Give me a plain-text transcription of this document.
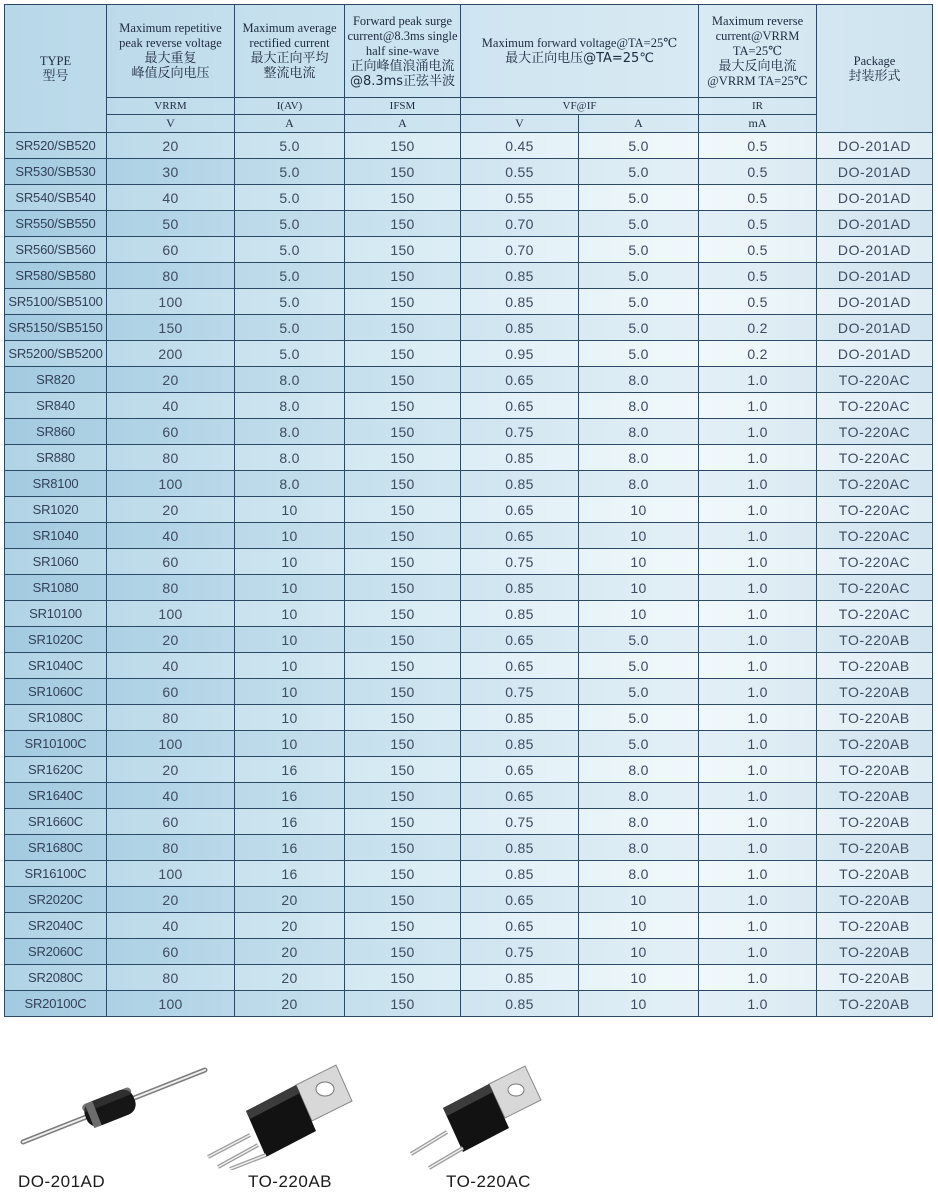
TYPE
型号	Maximum repetitive
peak reverse voltage
最大重复
峰值反向电压	Maximum average
rectified current
最大正向平均
整流电流	Forward peak surge
current@8.3ms single
half sine-wave
正向峰值浪涌电流
@8.3ms正弦半波	Maximum forward voltage@TA=25℃
最大正向电压@TA=25℃		Maximum reverse
current@VRRM
TA=25℃
最大反向电流
@VRRM TA=25℃	Package
封装形式

	VRRM	I(AV)	IFSM	VF@IF		IR	
	V	A	A	V	A	mA	
SR520/SB520	20	5.0	150	0.45	5.0	0.5	DO-201AD
SR530/SB530	30	5.0	150	0.55	5.0	0.5	DO-201AD
SR540/SB540	40	5.0	150	0.55	5.0	0.5	DO-201AD
SR550/SB550	50	5.0	150	0.70	5.0	0.5	DO-201AD
SR560/SB560	60	5.0	150	0.70	5.0	0.5	DO-201AD
SR580/SB580	80	5.0	150	0.85	5.0	0.5	DO-201AD
SR5100/SB5100	100	5.0	150	0.85	5.0	0.5	DO-201AD
SR5150/SB5150	150	5.0	150	0.85	5.0	0.2	DO-201AD
SR5200/SB5200	200	5.0	150	0.95	5.0	0.2	DO-201AD
SR820	20	8.0	150	0.65	8.0	1.0	TO-220AC
SR840	40	8.0	150	0.65	8.0	1.0	TO-220AC
SR860	60	8.0	150	0.75	8.0	1.0	TO-220AC
SR880	80	8.0	150	0.85	8.0	1.0	TO-220AC
SR8100	100	8.0	150	0.85	8.0	1.0	TO-220AC
SR1020	20	10	150	0.65	10	1.0	TO-220AC
SR1040	40	10	150	0.65	10	1.0	TO-220AC
SR1060	60	10	150	0.75	10	1.0	TO-220AC
SR1080	80	10	150	0.85	10	1.0	TO-220AC
SR10100	100	10	150	0.85	10	1.0	TO-220AC
SR1020C	20	10	150	0.65	5.0	1.0	TO-220AB
SR1040C	40	10	150	0.65	5.0	1.0	TO-220AB
SR1060C	60	10	150	0.75	5.0	1.0	TO-220AB
SR1080C	80	10	150	0.85	5.0	1.0	TO-220AB
SR10100C	100	10	150	0.85	5.0	1.0	TO-220AB
SR1620C	20	16	150	0.65	8.0	1.0	TO-220AB
SR1640C	40	16	150	0.65	8.0	1.0	TO-220AB
SR1660C	60	16	150	0.75	8.0	1.0	TO-220AB
SR1680C	80	16	150	0.85	8.0	1.0	TO-220AB
SR16100C	100	16	150	0.85	8.0	1.0	TO-220AB
SR2020C	20	20	150	0.65	10	1.0	TO-220AB
SR2040C	40	20	150	0.65	10	1.0	TO-220AB
SR2060C	60	20	150	0.75	10	1.0	TO-220AB
SR2080C	80	20	150	0.85	10	1.0	TO-220AB
SR20100C	100	20	150	0.85	10	1.0	TO-220AB
DO-201AD	TO-220AB	TO-220AC
